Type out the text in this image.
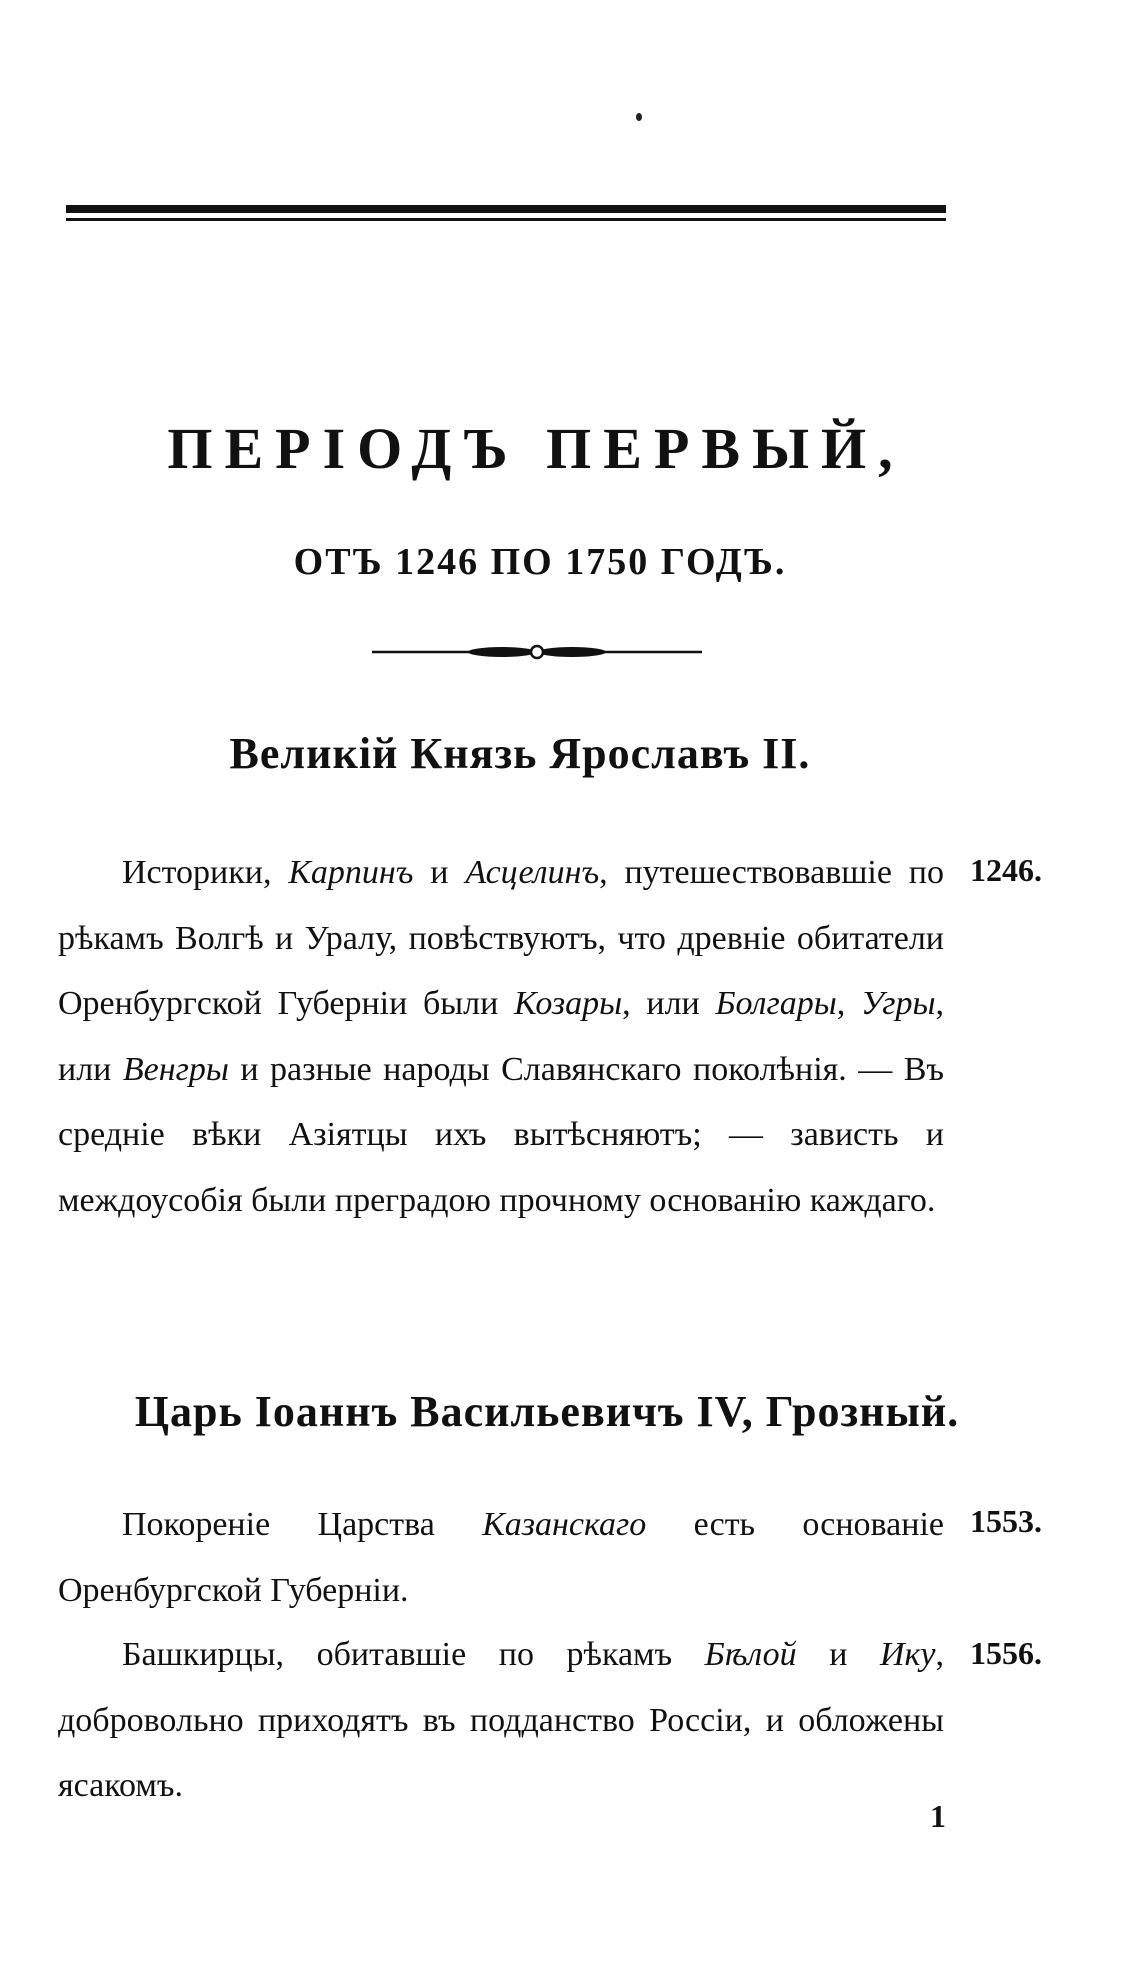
ПЕРІОДЪ ПЕРВЫЙ,
ОТЪ 1246 ПО 1750 ГОДЪ.
Великій Князь Ярославъ II.
1246.
Историки, Карпинъ и Асцелинъ, путешествовавшіе по рѣкамъ Волгѣ и Уралу, повѣствуютъ, что древніе обитатели Оренбургской Губерніи были Козары, или Болгары, Угры, или Венгры и разные народы Славянскаго поколѣнія. — Въ средніе вѣки Азіятцы ихъ вытѣсняютъ; — зависть и междоусобія были преградою прочному основанію каждаго.
Царь Іоаннъ Васильевичъ IV, Грозный.
1553.
Покореніе Царства Казанскаго есть основаніе Оренбургской Губерніи.
1556.
Башкирцы, обитавшіе по рѣкамъ Бѣлой и Ику, добровольно приходятъ въ подданство Россіи, и обложены ясакомъ.
1
